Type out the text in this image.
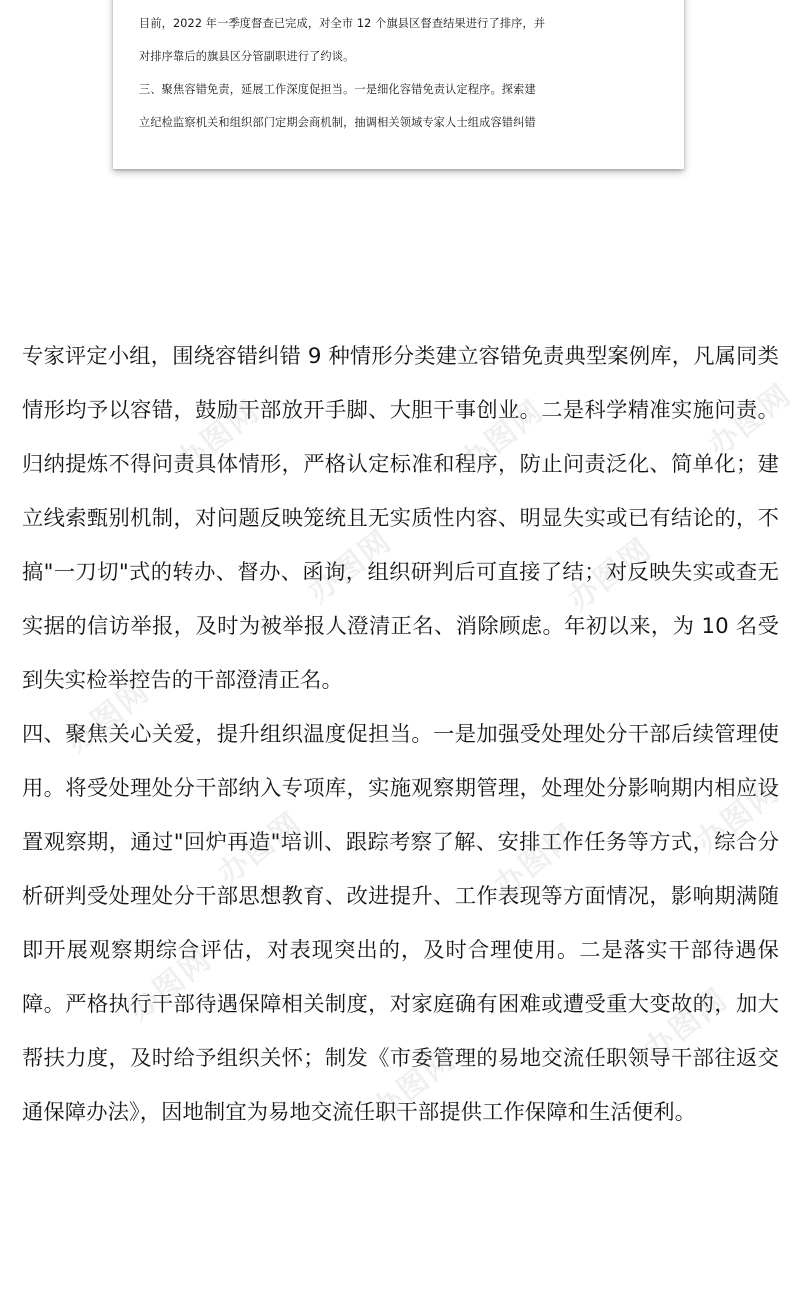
目前，2022 年一季度督查已完成，对全市 12 个旗县区督查结果进行了排序，并
对排序靠后的旗县区分管副职进行了约谈。
三、聚焦容错免责，延展工作深度促担当。一是细化容错免责认定程序。探索建
立纪检监察机关和组织部门定期会商机制，抽调相关领域专家人士组成容错纠错

专家评定小组，围绕容错纠错 9 种情形分类建立容错免责典型案例库，凡属同类情形均予以容错，鼓励干部放开手脚、大胆干事创业。二是科学精准实施问责。归纳提炼不得问责具体情形，严格认定标准和程序，防止问责泛化、简单化；建立线索甄别机制，对问题反映笼统且无实质性内容、明显失实或已有结论的，不搞"一刀切"式的转办、督办、函询，组织研判后可直接了结；对反映失实或查无实据的信访举报，及时为被举报人澄清正名、消除顾虑。年初以来，为 10 名受到失实检举控告的干部澄清正名。

四、聚焦关心关爱，提升组织温度促担当。一是加强受处理处分干部后续管理使用。将受处理处分干部纳入专项库，实施观察期管理，处理处分影响期内相应设置观察期，通过"回炉再造"培训、跟踪考察了解、安排工作任务等方式，综合分析研判受处理处分干部思想教育、改进提升、工作表现等方面情况，影响期满随即开展观察期综合评估，对表现突出的，及时合理使用。二是落实干部待遇保障。严格执行干部待遇保障相关制度，对家庭确有困难或遭受重大变故的，加大帮扶力度，及时给予组织关怀；制发《市委管理的易地交流任职领导干部往返交通保障办法》，因地制宜为易地交流任职干部提供工作保障和生活便利。

办图网	办图网	办图网
办图网	办图网
办图网
办图网	办图网
办图网
办图网	办图网
办图网
